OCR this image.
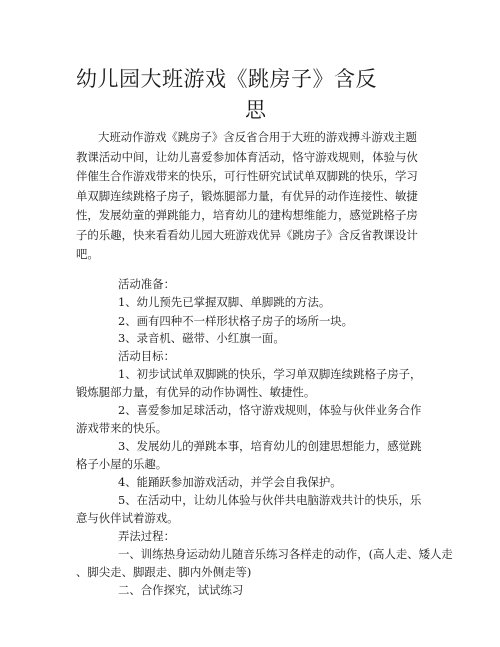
幼儿园大班游戏《跳房子》含反
思
大班动作游戏《跳房子》含反省合用于大班的游戏搏斗游戏主题
教课活动中间，让幼儿喜爱参加体育活动，恪守游戏规则，体验与伙
伴催生合作游戏带来的快乐，可行性研究试试单双脚跳的快乐，学习
单双脚连续跳格子房子，锻炼腿部力量，有优异的动作连接性、敏捷
性，发展幼童的弹跳能力，培育幼儿的建构想维能力，感觉跳格子房
子的乐趣，快来看看幼儿园大班游戏优异《跳房子》含反省教课设计
吧。
活动准备：
1、幼儿预先已掌握双脚、单脚跳的方法。
2、画有四种不一样形状格子房子的场所一块。
3、录音机、磁带、小红旗一面。
活动目标：
1、初步试试单双脚跳的快乐，学习单双脚连续跳格子房子，
锻炼腿部力量，有优异的动作协调性、敏捷性。
2、喜爱参加足球活动，恪守游戏规则，体验与伙伴业务合作
游戏带来的快乐。
3、发展幼儿的弹跳本事，培育幼儿的创建思想能力，感觉跳
格子小屋的乐趣。
4、能踊跃参加游戏活动，并学会自我保护。
5、在活动中，让幼儿体验与伙伴共电脑游戏共计的快乐，乐
意与伙伴试着游戏。
弄法过程：
一、训练热身运动幼儿随音乐练习各样走的动作，(高人走、矮人走
、脚尖走、脚跟走、脚内外侧走等)
二、合作探究，试试练习
